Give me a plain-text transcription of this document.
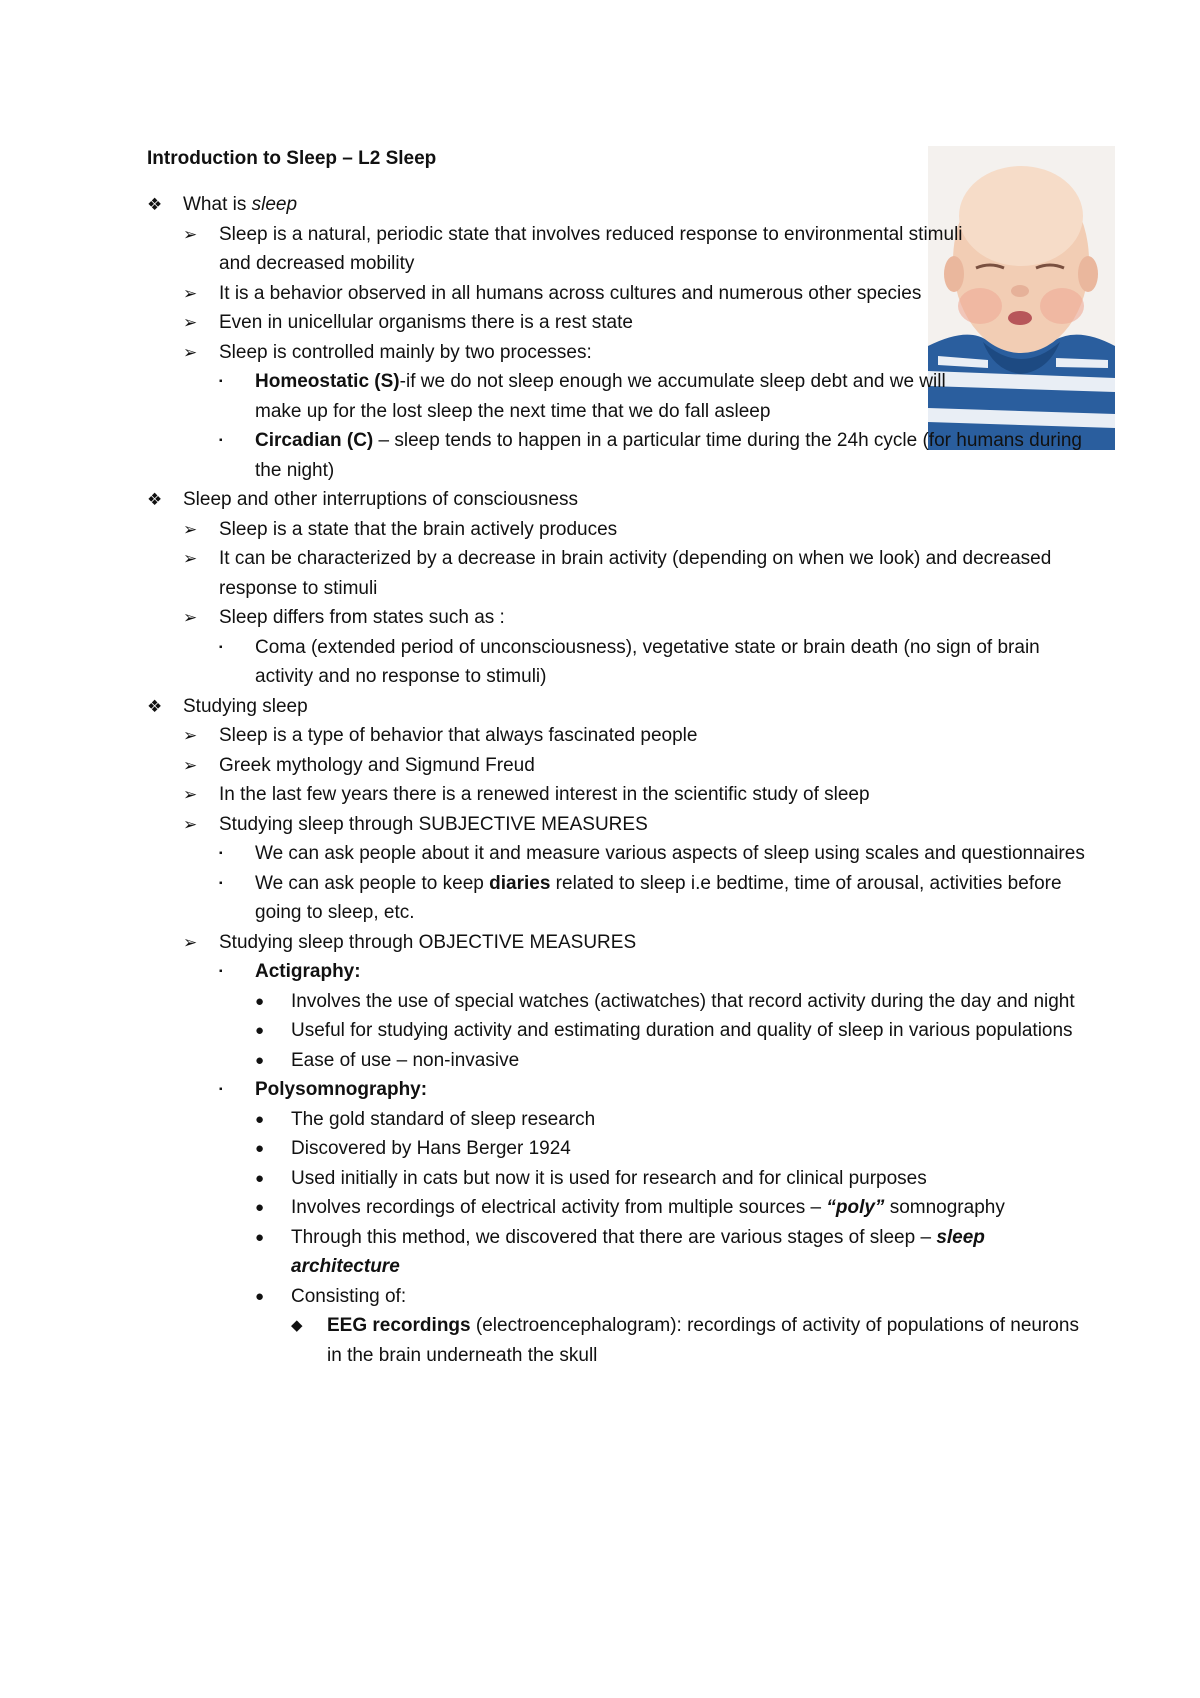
Introduction to Sleep – L2 Sleep
❖	What is sleep
➢	Sleep is a natural, periodic state that involves reduced response to environmental stimuli and decreased mobility
➢	It is a behavior observed in all humans across cultures and numerous other species
➢	Even in unicellular organisms there is a rest state
➢	Sleep is controlled mainly by two processes:
▪	Homeostatic (S)-if we do not sleep enough we accumulate sleep debt and we will make up for the lost sleep the next time that we do fall asleep
▪	Circadian (C) – sleep tends to happen in a particular time during the 24h cycle (for humans during the night)
❖	Sleep and other interruptions of consciousness
➢	Sleep is a state that the brain actively produces
➢	It can be characterized by a decrease in brain activity (depending on when we look) and decreased response to stimuli
➢	Sleep differs from states such as :
▪	Coma (extended period of unconsciousness), vegetative state or brain death (no sign of brain activity and no response to stimuli)
❖	Studying sleep
➢	Sleep is a type of behavior that always fascinated people
➢	Greek mythology and Sigmund Freud
➢	In the last few years there is a renewed interest in the scientific study of sleep
➢	Studying sleep through SUBJECTIVE MEASURES
▪	We can ask people about it and measure various aspects of sleep using scales and questionnaires
▪	We can ask people to keep diaries related to sleep i.e bedtime, time of arousal, activities before going to sleep, etc.
➢	Studying sleep through OBJECTIVE MEASURES
▪	Actigraphy:
●	Involves the use of special watches (actiwatches) that record activity during the day and night
●	Useful for studying activity and estimating duration and quality of sleep in various populations
●	Ease of use – non-invasive
▪	Polysomnography:
●	The gold standard of sleep research
●	Discovered by Hans Berger 1924
●	Used initially in cats but now it is used for research and for clinical purposes
●	Involves recordings of electrical activity from multiple sources – “poly” somnography
●	Through this method, we discovered that there are various stages of sleep – sleep architecture
●	Consisting of:
◆	EEG recordings (electroencephalogram): recordings of activity of populations of neurons in the brain underneath the skull
